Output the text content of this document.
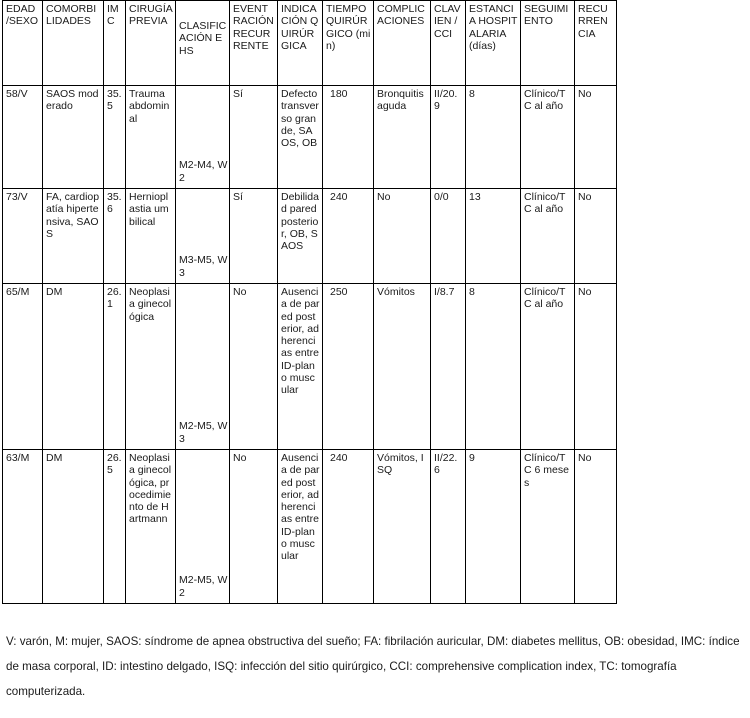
EDAD /SEXO	COMORBILIDADES	IMC	CIRUGÍA PREVIA	CLASIFICACIÓN EHS	EVENTRACIÓN RECURRENTE	INDICACIÓN QUIRÚRGICA	TIEMPO QUIRÚRGICO (min)	COMPLICACIONES	CLAVIEN /CCI	ESTANCIA HOSPITALARIA (días)	SEGUIMIENTO	RECURRENCIA
58/V	SAOS moderado	35.5	Trauma abdominal	M2-M4, W2	Sí	Defecto transverso grande, SAOS, OB	180	Bronquitis aguda	II/20.9	8	Clínico/TC al año	No
73/V	FA, cardiopatía hipertensiva, SAOS	35.6	Hernioplastia umbilical	M3-M5, W3	Sí	Debilidad pared posterior, OB, SAOS	240	No	0/0	13	Clínico/TC al año	No
65/M	DM	26.1	Neoplasia ginecológica	M2-M5, W3	No	Ausencia de pared posterior, adherencias entre ID-plano muscular	250	Vómitos	I/8.7	8	Clínico/TC al año	No
63/M	DM	26.5	Neoplasia ginecológica, procedimiento de Hartmann	M2-M5, W2	No	Ausencia de pared posterior, adherencias entre ID-plano muscular	240	Vómitos, ISQ	II/22.6	9	Clínico/TC 6 meses	No
V: varón, M: mujer, SAOS: síndrome de apnea obstructiva del sueño; FA: fibrilación auricular, DM: diabetes mellitus, OB: obesidad, IMC: índice de masa corporal, ID: intestino delgado, ISQ: infección del sitio quirúrgico, CCI: comprehensive complication index, TC: tomografía computerizada.
